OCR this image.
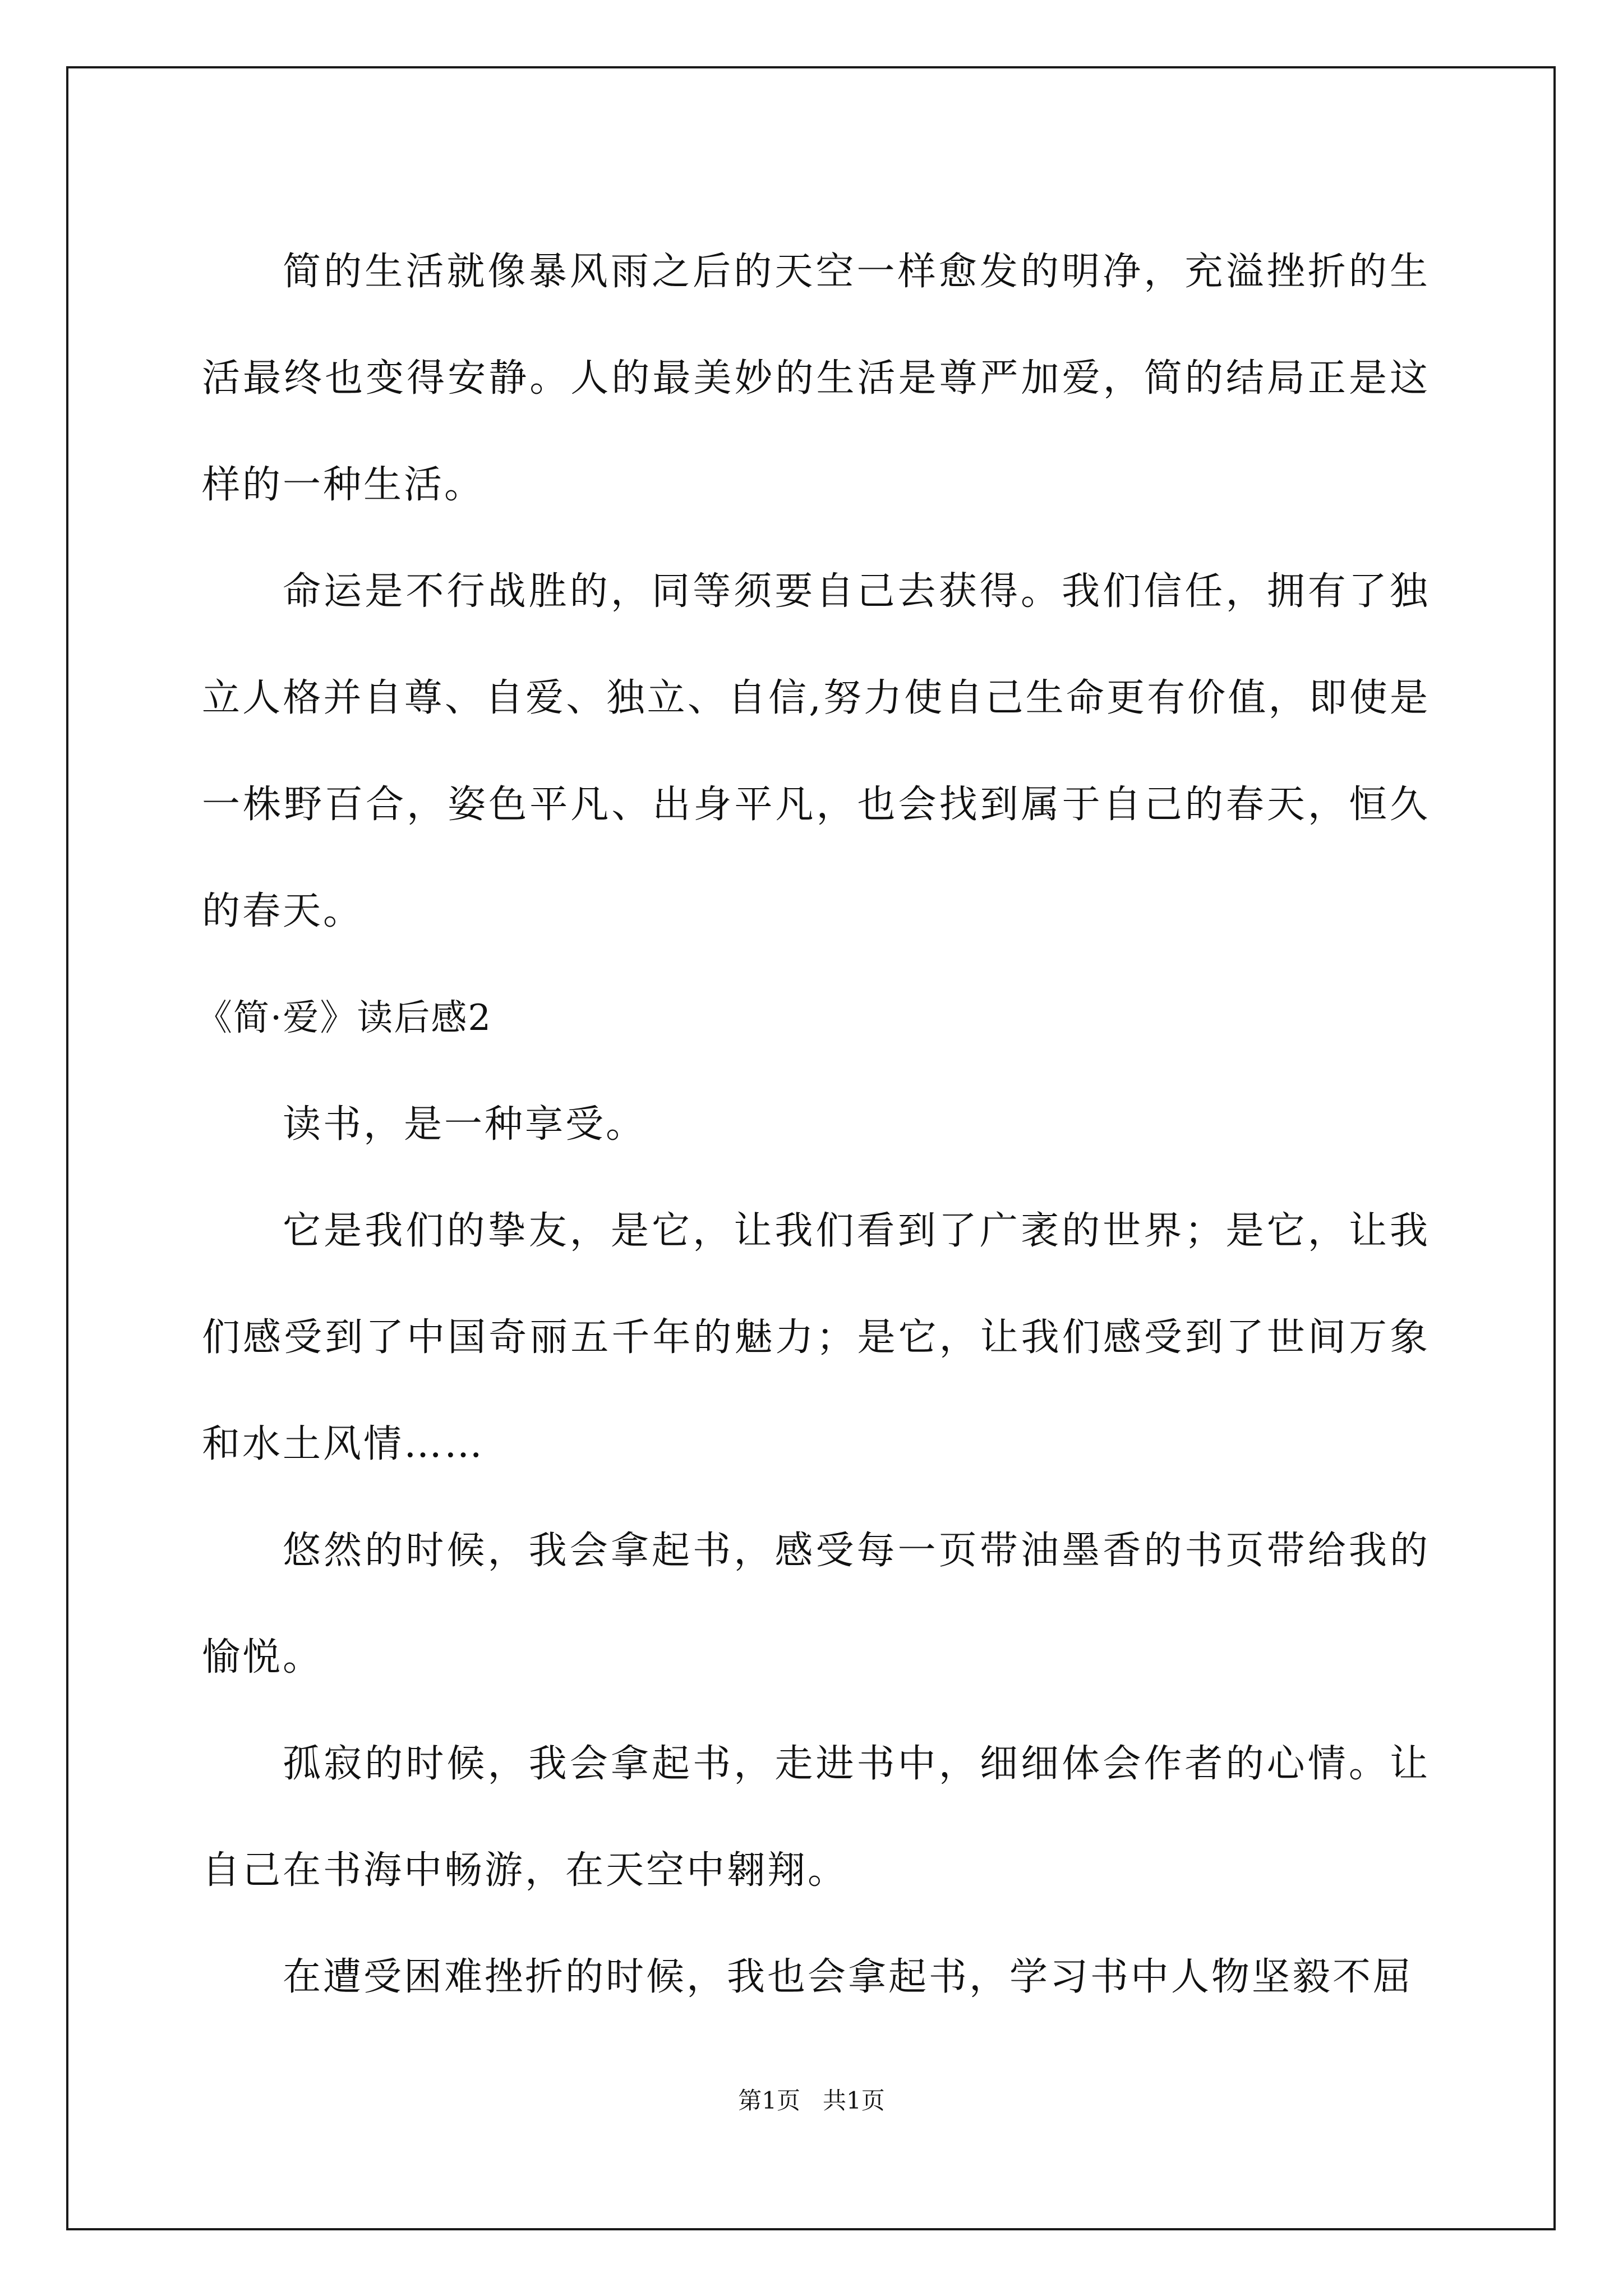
简的生活就像暴风雨之后的天空一样愈发的明净，充溢挫折的生活最终也变得安静。人的最美妙的生活是尊严加爱，简的结局正是这样的一种生活。

命运是不行战胜的，同等须要自己去获得。我们信任，拥有了独立人格并自尊、自爱、独立、自信,努力使自己生命更有价值，即使是一株野百合，姿色平凡、出身平凡，也会找到属于自己的春天，恒久的春天。

《简·爱》读后感2

读书，是一种享受。

它是我们的挚友，是它，让我们看到了广袤的世界；是它，让我们感受到了中国奇丽五千年的魅力；是它，让我们感受到了世间万象和水土风情……

悠然的时候，我会拿起书，感受每一页带油墨香的书页带给我的愉悦。

孤寂的时候，我会拿起书，走进书中，细细体会作者的心情。让自己在书海中畅游，在天空中翱翔。

在遭受困难挫折的时候，我也会拿起书，学习书中人物坚毅不屈

第1页   共1页
